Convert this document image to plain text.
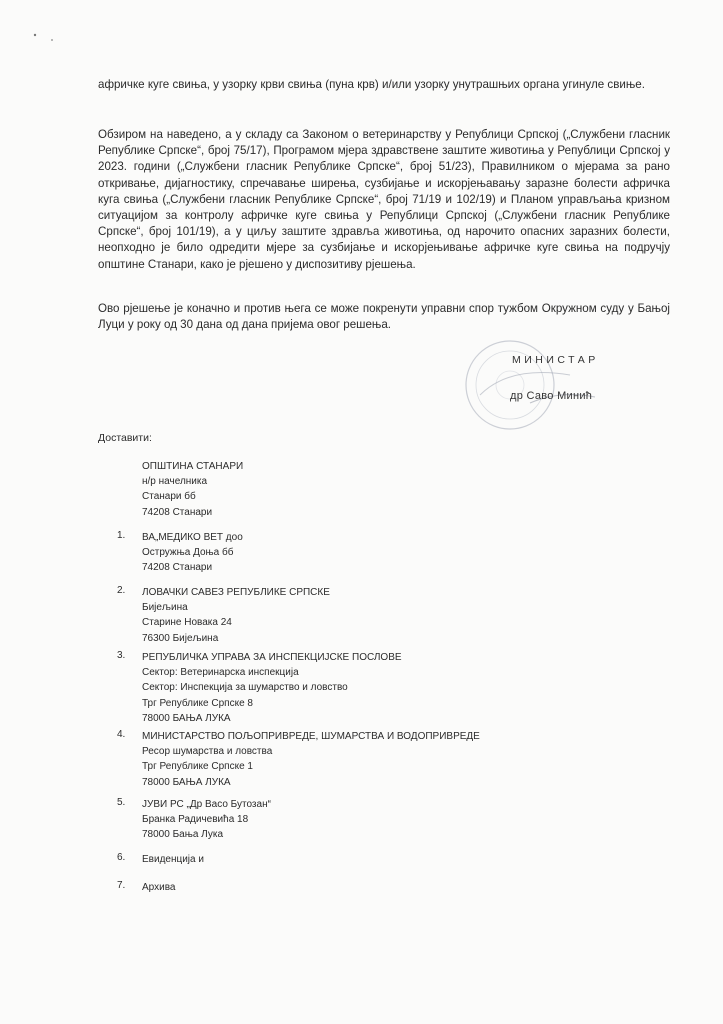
афричке куге свиња, у узорку крви свиња (пуна крв) и/или узорку унутрашњих органа угинуле свиње.

Обзиром на наведено, а у складу са Законом о ветеринарству у Републици Српској („Службени гласник Републике Српске“, број 75/17), Програмом мјера здравствене заштите животиња у Републици Српској у 2023. години („Службени гласник Републике Српске“, број 51/23), Правилником о мјерама за рано откривање, дијагностику, спречавање ширења, сузбијање и искорјењавању заразне болести афричка куга свиња („Службени гласник Републике Српске“, број 71/19 и 102/19) и Планом управљања кризном ситуацијом за контролу афричке куге свиња у Републици Српској („Службени гласник Републике Српске“, број 101/19), а у циљу заштите здравља животиња, од нарочито опасних заразних болести, неопходно је било одредити мјере за сузбијање и искорјењивање афричке куге свиња на подручју општине Станари, како је рјешено у диспозитиву рјешења.

Ово рјешење је коначно и против њега се може покренути управни спор тужбом Окружном суду у Бањој Луци у року од 30 дана од дана пријема овог решења.

МИНИСТАР
др Саво Минић
Доставити:
ОПШТИНА СТАНАРИ
н/р начелника
Станари бб
74208 Станари
1. ВА„МЕДИКО ВЕТ доо
Остружња Доња бб
74208 Станари
2. ЛОВАЧКИ САВЕЗ РЕПУБЛИКЕ СРПСКЕ
Бијељина
Старине Новака 24
76300 Бијељина
3. РЕПУБЛИЧКА УПРАВА ЗА ИНСПЕКЦИЈСКЕ ПОСЛОВЕ
Сектор: Ветеринарска инспекција
Сектор: Инспекција за шумарство и ловство
Трг Републике Српске 8
78000 БАЊА ЛУКА
4. МИНИСТАРСТВО ПОЉОПРИВРЕДЕ, ШУМАРСТВА И ВОДОПРИВРЕДЕ
Ресор шумарства и ловства
Трг Републике Српске 1
78000 БАЊА ЛУКА
5. ЈУВИ РС „Др Васо Бутозан“
Бранка Радичевића 18
78000 Бања Лука
6. Евиденција и
7. Архива
